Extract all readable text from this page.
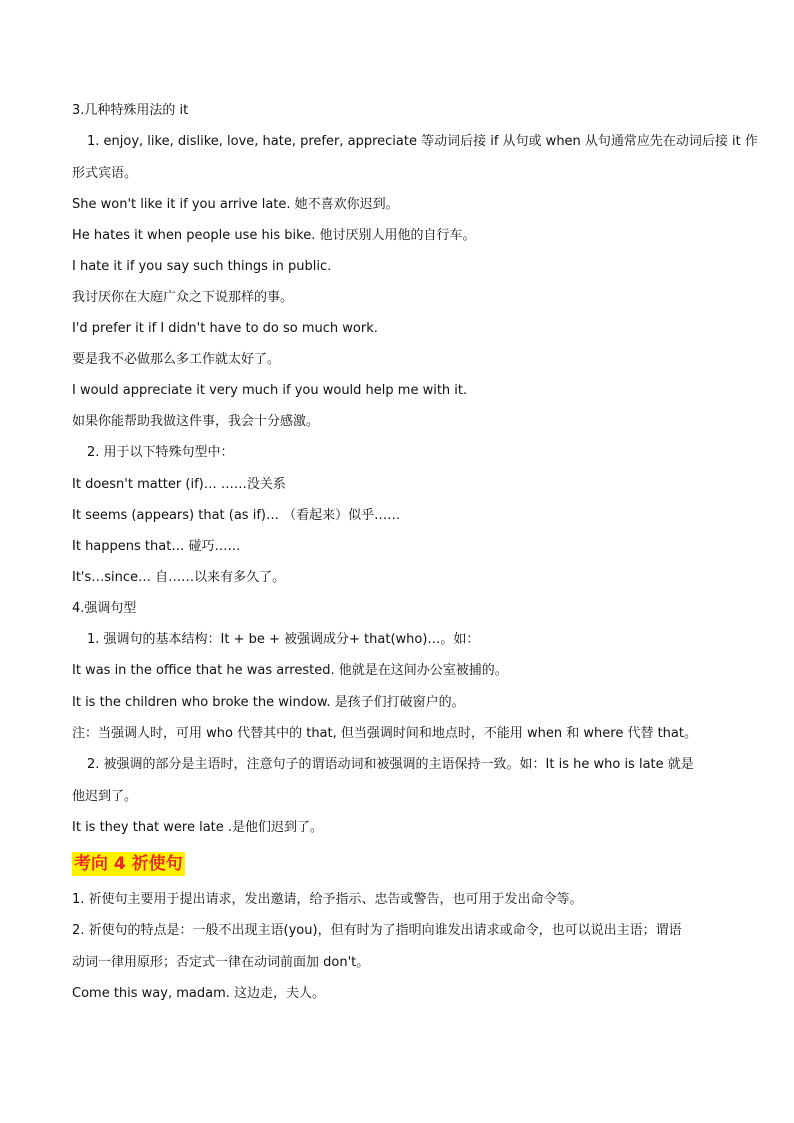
3.几种特殊用法的 it
1. enjoy, like, dislike, love, hate, prefer, appreciate 等动词后接 if 从句或 when 从句通常应先在动词后接 it 作
形式宾语。
She won't like it if you arrive late. 她不喜欢你迟到。
He hates it when people use his bike. 他讨厌别人用他的自行车。
I hate it if you say such things in public.
我讨厌你在大庭广众之下说那样的事。
I'd prefer it if I didn't have to do so much work.
要是我不必做那么多工作就太好了。
I would appreciate it very much if you would help me with it.
如果你能帮助我做这件事，我会十分感激。
2. 用于以下特殊句型中：
It doesn't matter (if)… ……没关系
It seems (appears) that (as if)… （看起来）似乎……
It happens that… 碰巧……
It's…since… 自……以来有多久了。
4.强调句型
1. 强调句的基本结构：It + be + 被强调成分+ that(who)…。如：
It was in the office that he was arrested. 他就是在这间办公室被捕的。
It is the children who broke the window. 是孩子们打破窗户的。
注：当强调人时，可用 who 代替其中的 that, 但当强调时间和地点时，不能用 when 和 where 代替 that。
2. 被强调的部分是主语时，注意句子的谓语动词和被强调的主语保持一致。如：It is he who is late 就是
他迟到了。
It is they that were late .是他们迟到了。
考向 4 祈使句
1. 祈使句主要用于提出请求，发出邀请，给予指示、忠告或警告，也可用于发出命令等。
2. 祈使句的特点是：一般不出现主语(you)，但有时为了指明向谁发出请求或命令，也可以说出主语；谓语
动词一律用原形；否定式一律在动词前面加 don't。
Come this way, madam. 这边走，夫人。
